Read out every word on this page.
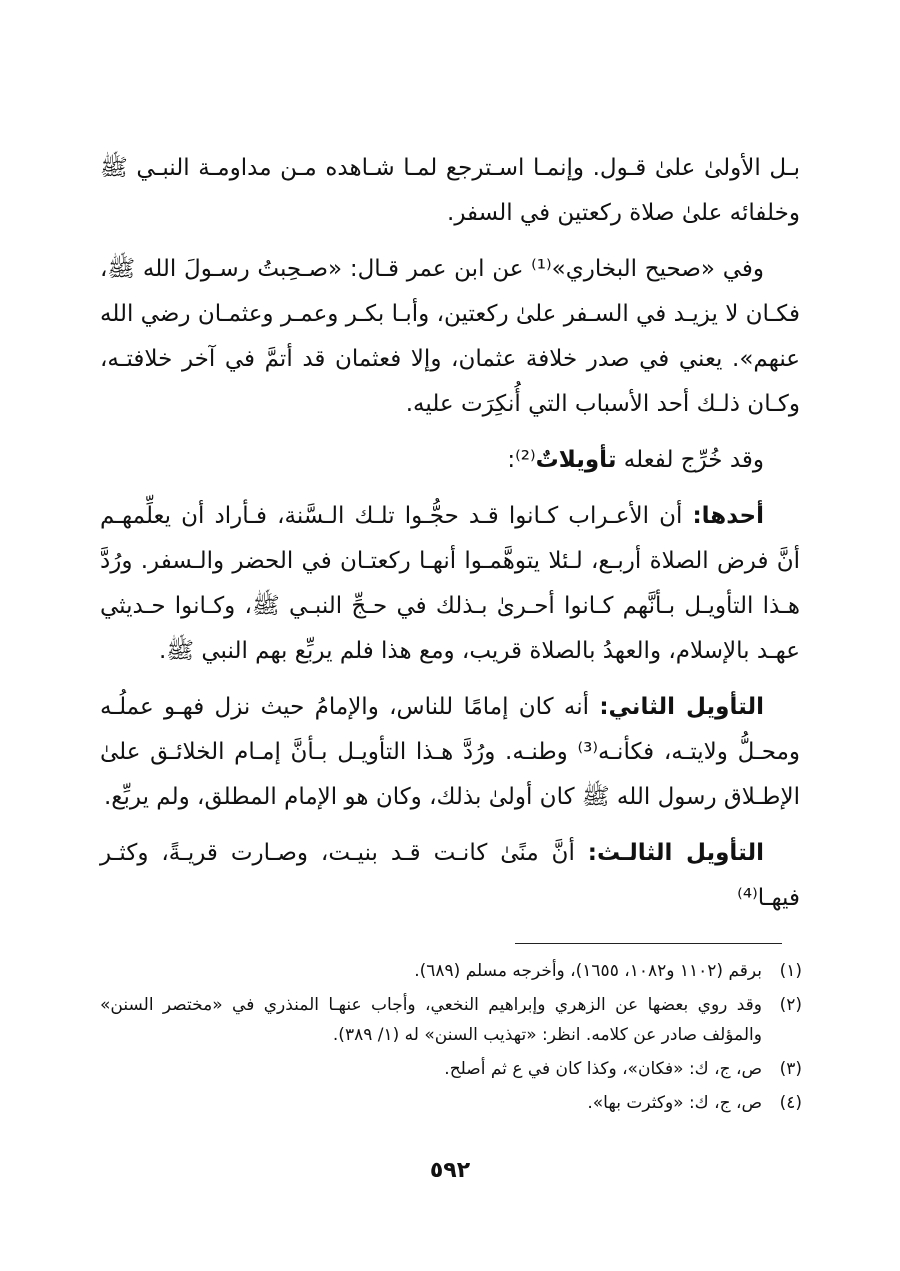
بـل الأولىٰ علىٰ قـول. وإنمـا اسـترجع لمـا شـاهده مـن مداومـة النبـي ﷺ وخلفائه علىٰ صلاة ركعتين في السفر.

وفي «صحيح البخاري»⁽¹⁾ عن ابن عمر قـال: «صـحِبتُ رسـولَ الله ﷺ، فكـان لا يزيـد في السـفر علىٰ ركعتين، وأبـا بكـر وعمـر وعثمـان رضي الله عنهم». يعني في صدر خلافة عثمان، وإلا فعثمان قد أتمَّ في آخر خلافتـه، وكـان ذلـك أحد الأسباب التي أُنكِرَت عليه.

وقد خُرِّج لفعله تأويلاتٌ⁽²⁾:

أحدها: أن الأعـراب كـانوا قـد حجُّـوا تلـك الـسَّنة، فـأراد أن يعلِّمهـم أنَّ فرض الصلاة أربـع، لـئلا يتوهَّمـوا أنهـا ركعتـان في الحضر والـسفر. ورُدَّ هـذا التأويـل بـأنَّهم كـانوا أحـرىٰ بـذلك في حـجِّ النبـي ﷺ، وكـانوا حـديثي عهـد بالإسلام، والعهدُ بالصلاة قريب، ومع هذا فلم يربِّع بهم النبي ﷺ.

التأويل الثاني: أنه كان إمامًا للناس، والإمامُ حيث نزل فهـو عملُـه ومحـلُّ ولايتـه، فكأنـه⁽³⁾ وطنـه. ورُدَّ هـذا التأويـل بـأنَّ إمـام الخلائـق علىٰ الإطـلاق رسول الله ﷺ كان أولىٰ بذلك، وكان هو الإمام المطلق، ولم يربِّع.

التأويل الثالـث: أنَّ منًىٰ كانـت قـد بنيـت، وصـارت قريـةً، وكثـر فيهـا⁽⁴⁾

(١)
برقم (١١٠٢ و١٠٨٢، ١٦٥٥)، وأخرجه مسلم (٦٨٩).
(٢)
وقد روي بعضها عن الزهري وإبراهيم النخعي، وأجاب عنهـا المنذري في «مختصر السنن» والمؤلف صادر عن كلامه. انظر: «تهذيب السنن» له (١/ ٣٨٩).
(٣)
ص، ج، ك: «فكان»، وكذا كان في ع ثم أصلح.
(٤)
ص، ج، ك: «وكثرت بها».
٥٩٢
